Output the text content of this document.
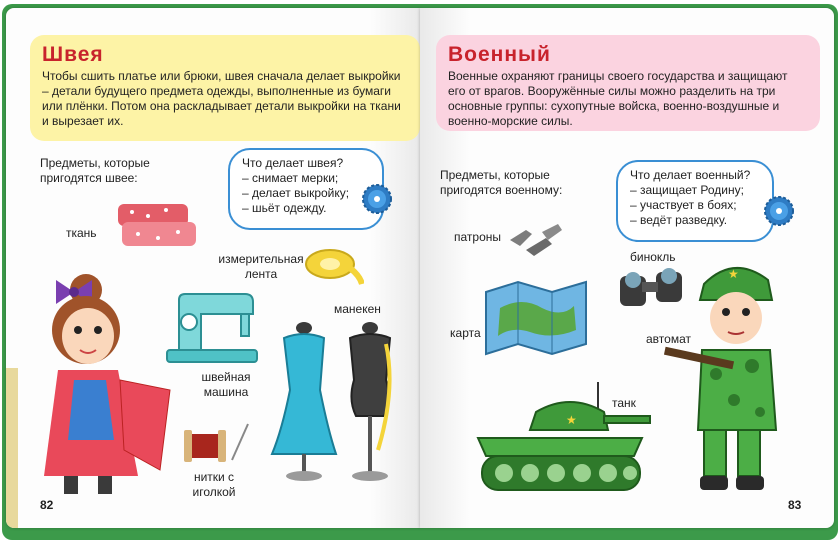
Швея
Чтобы сшить платье или брюки, швея сначала делает выкройки – детали будущего предмета одежды, выполненные из бумаги или плёнки. Потом она раскладывает детали выкройки на ткани и вырезает их.
Предметы, которые пригодятся швее:
Что делает швея?
– снимает мерки;
– делает выкройку;
– шьёт одежду.
ткань
измерительная лента
швейная машина
манекен
нитки с иголкой
82
Военный
Военные охраняют границы своего государства и защищают его от врагов. Вооружённые силы можно разделить на три основные группы: сухопутные войска, военно-воздушные и военно-морские силы.
Предметы, которые пригодятся военному:
Что делает военный?
– защищает Родину;
– участвует в боях;
– ведёт разведку.
патроны
бинокль
карта	автомат
танк
★
★
83
